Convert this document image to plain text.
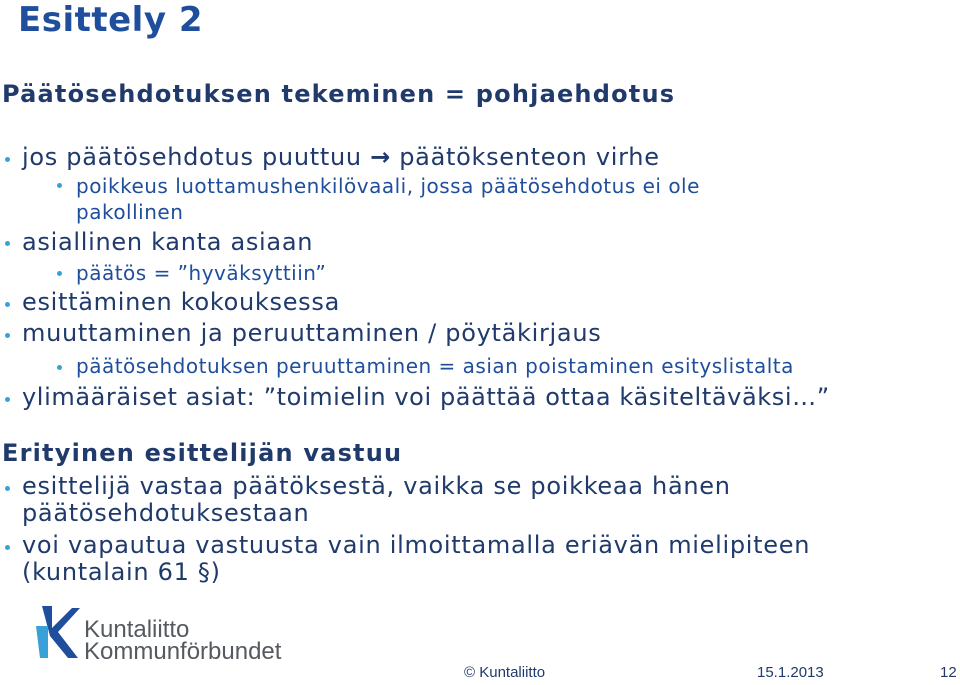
Esittely 2
Päätösehdotuksen tekeminen = pohjaehdotus
jos päätösehdotus puuttuu → päätöksenteon virhe
poikkeus luottamushenkilövaali, jossa päätösehdotus ei ole
pakollinen
asiallinen kanta asiaan
päätös = ”hyväksyttiin”
esittäminen kokouksessa
muuttaminen ja peruuttaminen / pöytäkirjaus
päätösehdotuksen peruuttaminen = asian poistaminen esityslistalta
ylimääräiset asiat: ”toimielin voi päättää ottaa käsiteltäväksi…”
Erityinen esittelijän vastuu
esittelijä vastaa päätöksestä, vaikka se poikkeaa hänen
päätösehdotuksestaan
voi vapautua vastuusta vain ilmoittamalla eriävän mielipiteen
(kuntalain 61 §)
Kuntaliitto
Kommunförbundet
© Kuntaliitto	15.1.2013	12
